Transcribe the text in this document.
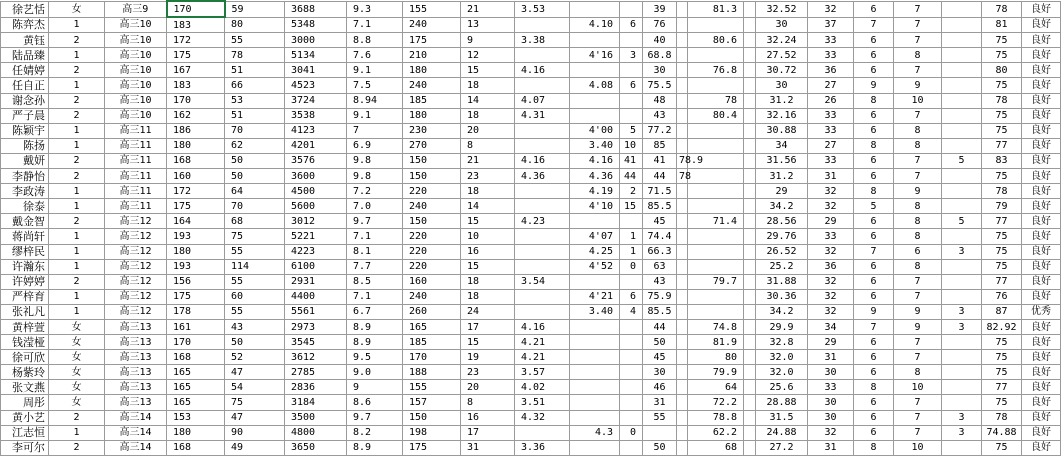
徐艺恬	女	高三9	170	59	3688	9.3	155	21	3.53			39		81.3		32.52	32	6	7		78	良好
陈弈杰	1	高三10	183	80	5348	7.1	240	13		4.10	6	76				30	37	7	7		81	良好
黄钰	2	高三10	172	55	3000	8.8	175	9	3.38			40		80.6		32.24	33	6	7		75	良好
陆品臻	1	高三10	175	78	5134	7.6	210	12		4'16	3	68.8				27.52	33	6	8		75	良好
任婧婷	2	高三10	167	51	3041	9.1	180	15	4.16			30		76.8		30.72	36	6	7		80	良好
任自正	1	高三10	183	66	4523	7.5	240	18		4.08	6	75.5				30	27	9	9		75	良好
谢念孙	2	高三10	170	53	3724	8.94	185	14	4.07			48		78		31.2	26	8	10		78	良好
严子晨	2	高三10	162	51	3538	9.1	180	18	4.31			43		80.4		32.16	33	6	7		75	良好
陈颖宇	1	高三11	186	70	4123	7	230	20		4'00	5	77.2				30.88	33	6	8		75	良好
陈扬	1	高三11	180	62	4201	6.9	270	8		3.40	10	85				34	27	8	8		77	良好
戴妍	2	高三11	168	50	3576	9.8	150	21	4.16	4.16	41	41	78.9			31.56	33	6	7	5	83	良好
李静怡	2	高三11	160	50	3600	9.8	150	23	4.36	4.36	44	44	78			31.2	31	6	7		75	良好
李政涛	1	高三11	172	64	4500	7.2	220	18		4.19	2	71.5				29	32	8	9		78	良好
徐泰	1	高三11	175	70	5600	7.0	240	14		4'10	15	85.5				34.2	32	5	8		79	良好
戴金智	2	高三12	164	68	3012	9.7	150	15	4.23			45		71.4		28.56	29	6	8	5	77	良好
蒋尚轩	1	高三12	193	75	5221	7.1	220	10		4'07	1	74.4				29.76	33	6	8		75	良好
缪梓民	1	高三12	180	55	4223	8.1	220	16		4.25	1	66.3				26.52	32	7	6	3	75	良好
许瀚东	1	高三12	193	114	6100	7.7	220	15		4'52	0	63				25.2	36	6	8		75	良好
许婷婷	2	高三12	156	55	2931	8.5	160	18	3.54			43		79.7		31.88	32	6	7		77	良好
严梓育	1	高三12	175	60	4400	7.1	240	18		4'21	6	75.9				30.36	32	6	7		76	良好
张礼凡	1	高三12	178	55	5561	6.7	260	24		3.40	4	85.5				34.2	32	9	9	3	87	优秀
黄梓萱	女	高三13	161	43	2973	8.9	165	17	4.16			44		74.8		29.9	34	7	9	3	82.92	良好
钱滢桠	女	高三13	170	50	3545	8.9	185	15	4.21			50		81.9		32.8	29	6	7		75	良好
徐可欣	女	高三13	168	52	3612	9.5	170	19	4.21			45		80		32.0	31	6	7		75	良好
杨紫玲	女	高三13	165	47	2785	9.0	188	23	3.57			30		79.9		32.0	30	6	8		75	良好
张文燕	女	高三13	165	54	2836	9	155	20	4.02			46		64		25.6	33	8	10		77	良好
周彤	女	高三13	165	75	3184	8.6	157	8	3.51			31		72.2		28.88	30	6	7		75	良好
黄小艺	2	高三14	153	47	3500	9.7	150	16	4.32			55		78.8		31.5	30	6	7	3	78	良好
江志恒	1	高三14	180	90	4800	8.2	198	17		4.3	0			62.2		24.88	32	6	7	3	74.88	良好
李可尔	2	高三14	168	49	3650	8.9	175	31	3.36			50		68		27.2	31	8	10		75	良好
